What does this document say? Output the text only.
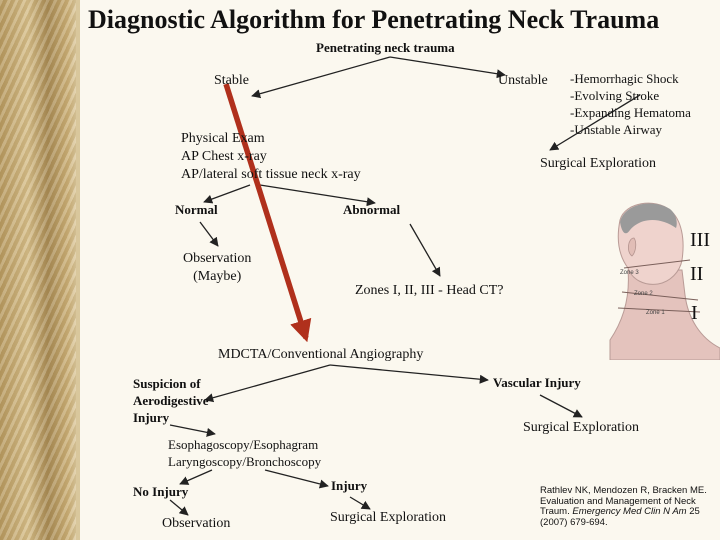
Zone 3
Zone 2
Zone 1
Diagnostic Algorithm for Penetrating Neck Trauma
Penetrating neck trauma
Stable	Unstable -Hemorrhagic Shock
-Evolving Stroke
-Expanding Hematoma
-Unstable Airway
Physical Exam
AP Chest x-ray
AP/lateral soft tissue neck x-ray
Surgical Exploration
Normal	Abnormal
Observation
(Maybe)
Zones I, II, III - Head CT?
III
II
I
MDCTA/Conventional Angiography
Suspicion of
Aerodigestive
Injury
Vascular Injury
Surgical Exploration
Esophagoscopy/Esophagram
Laryngoscopy/Bronchoscopy
No Injury	Injury
Observation	Surgical Exploration
Rathlev NK, Mendozen R, Bracken ME.
Evaluation and Management of Neck
Traum. Emergency Med Clin N Am 25
(2007) 679-694.
